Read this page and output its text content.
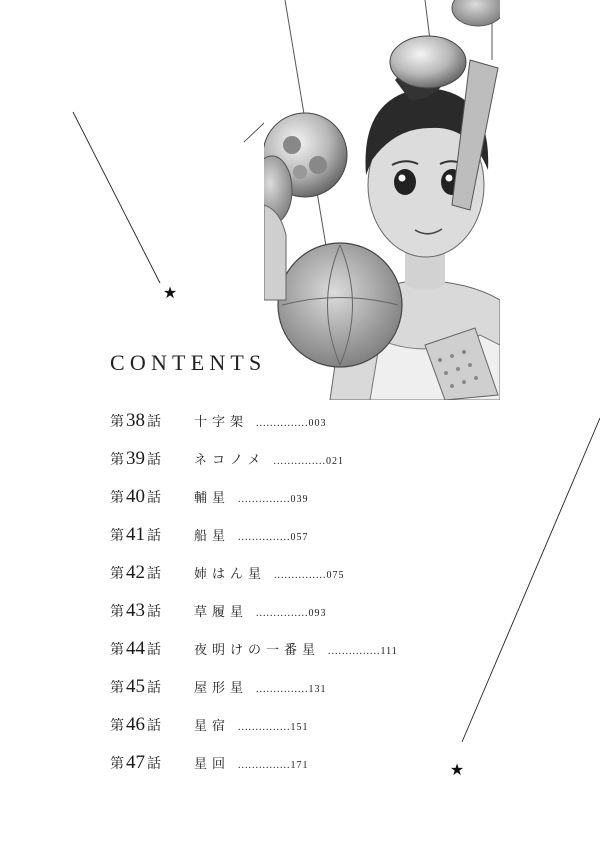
★
★
CONTENTS
第 38 話	十字架 ............... 003
第 39 話	ネコノメ ............... 021
第 40 話	輔星 ............... 039
第 41 話	船星 ............... 057
第 42 話	姉はん星 ............... 075
第 43 話	草履星 ............... 093
第 44 話	夜明けの一番星 ............... 111
第 45 話	屋形星 ............... 131
第 46 話	星宿 ............... 151
第 47 話	星回 ............... 171
